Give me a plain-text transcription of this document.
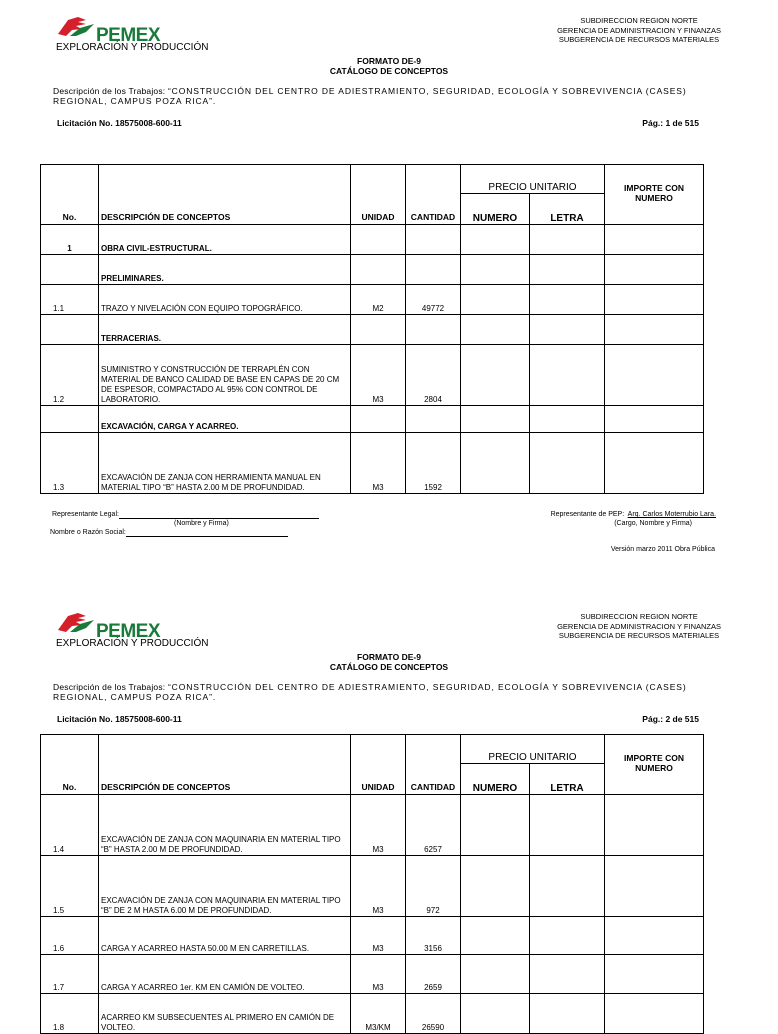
PEMEX
EXPLORACIÓN Y PRODUCCIÓN
SUBDIRECCION REGION NORTE
GERENCIA DE ADMINISTRACION Y FINANZAS
SUBGERENCIA DE RECURSOS MATERIALES
FORMATO DE-9
CATÁLOGO DE CONCEPTOS
Descripción de los Trabajos: “CONSTRUCCIÓN DEL CENTRO DE ADIESTRAMIENTO, SEGURIDAD, ECOLOGÍA Y SOBREVIVENCIA (CASES) REGIONAL, CAMPUS POZA RICA”.
Licitación No. 18575008-600-11	Pág.: 1 de 515
No.	DESCRIPCIÓN DE CONCEPTOS	UNIDAD	CANTIDAD	PRECIO UNITARIO		IMPORTE CON NUMERO
				NUMERO	LETRA	
1	OBRA CIVIL-ESTRUCTURAL.					
	PRELIMINARES.					
1.1	TRAZO Y NIVELACIÓN CON EQUIPO TOPOGRÁFICO.	M2	49772			
	TERRACERIAS.					
1.2	SUMINISTRO Y CONSTRUCCIÓN DE TERRAPLÉN CON MATERIAL DE BANCO CALIDAD DE BASE EN CAPAS DE 20 CM DE ESPESOR, COMPACTADO AL 95% CON CONTROL DE LABORATORIO.	M3	2804			
	EXCAVACIÓN, CARGA Y ACARREO.					
1.3	EXCAVACIÓN DE ZANJA CON HERRAMIENTA MANUAL EN MATERIAL TIPO “B” HASTA 2.00 M DE PROFUNDIDAD.	M3	1592			
Representante Legal:
(Nombre y Firma)
Nombre o Razón Social:
Representante de PEP: Arq. Carlos Moterrubio Lara.
(Cargo, Nombre y Firma)
Versión marzo 2011 Obra Pública
PEMEX
EXPLORACIÓN Y PRODUCCIÓN
SUBDIRECCION REGION NORTE
GERENCIA DE ADMINISTRACION Y FINANZAS
SUBGERENCIA DE RECURSOS MATERIALES
FORMATO DE-9
CATÁLOGO DE CONCEPTOS
Descripción de los Trabajos: “CONSTRUCCIÓN DEL CENTRO DE ADIESTRAMIENTO, SEGURIDAD, ECOLOGÍA Y SOBREVIVENCIA (CASES) REGIONAL, CAMPUS POZA RICA”.
Licitación No. 18575008-600-11	Pág.: 2 de 515
No.	DESCRIPCIÓN DE CONCEPTOS	UNIDAD	CANTIDAD	PRECIO UNITARIO		IMPORTE CON NUMERO
				NUMERO	LETRA	
1.4	EXCAVACIÓN DE ZANJA CON MAQUINARIA EN MATERIAL TIPO “B” HASTA 2.00 M DE PROFUNDIDAD.	M3	6257			
1.5	EXCAVACIÓN DE ZANJA CON MAQUINARIA EN MATERIAL TIPO “B” DE 2 M HASTA 6.00 M DE PROFUNDIDAD.	M3	972			
1.6	CARGA Y ACARREO HASTA 50.00 M EN CARRETILLAS.	M3	3156			
1.7	CARGA Y ACARREO 1er. KM EN CAMIÓN DE VOLTEO.	M3	2659			
1.8	ACARREO KM SUBSECUENTES AL PRIMERO EN CAMIÓN DE VOLTEO.	M3/KM	26590			
